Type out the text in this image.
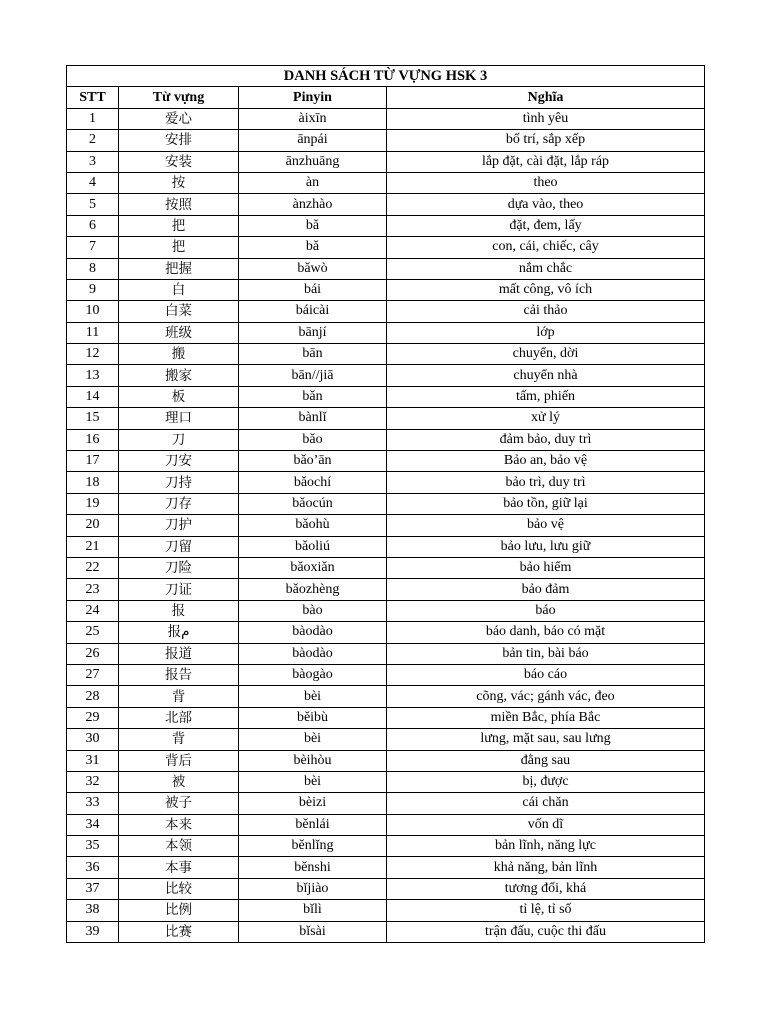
DANH SÁCH TỪ VỰNG HSK 3			
STT	Từ vựng	Pinyin	Nghĩa
1	爱心	àixīn	tình yêu
2	安排	ānpái	bố trí, sắp xếp
3	安装	ānzhuāng	lắp đặt, cài đặt, lắp ráp
4	按	àn	theo
5	按照	ànzhào	dựa vào, theo
6	把	bǎ	đặt, đem, lấy
7	把	bǎ	con, cái, chiếc, cây
8	把握	bǎwò	nắm chắc
9	白	bái	mất công, vô ích
10	白菜	báicài	cải thảo
11	班级	bānjí	lớp
12	搬	bān	chuyển, dời
13	搬家	bān//jiā	chuyển nhà
14	板	bǎn	tấm, phiến
15	理⼝	bànlǐ	xử lý
16	刀	bǎo	đảm bảo, duy trì
17	刀安	bǎo’ān	Bảo an, bảo vệ
18	刀持	bǎochí	bảo trì, duy trì
19	刀存	bǎocún	bảo tồn, giữ lại
20	刀护	bǎohù	bảo vệ
21	刀留	bǎoliú	bảo lưu, lưu giữ
22	刀险	bǎoxiǎn	bảo hiểm
23	刀证	bǎozhèng	bảo đảm
24	报	bào	báo
25	报م	bàodào	báo danh, báo có mặt
26	报道	bàodào	bản tin, bài báo
27	报告	bàogào	báo cáo
28	背	bèi	cõng, vác; gánh vác, đeo
29	北部	běibù	miền Bắc, phía Bắc
30	背	bèi	lưng, mặt sau, sau lưng
31	背后	bèihòu	đằng sau
32	被	bèi	bị, được
33	被子	bèizi	cái chăn
34	本来	běnlái	vốn dĩ
35	本领	běnlǐng	bản lĩnh, năng lực
36	本事	běnshi	khả năng, bản lĩnh
37	比较	bǐjiào	tương đối, khá
38	比例	bǐlì	tỉ lệ, tỉ số
39	比赛	bǐsài	trận đấu, cuộc thi đấu
